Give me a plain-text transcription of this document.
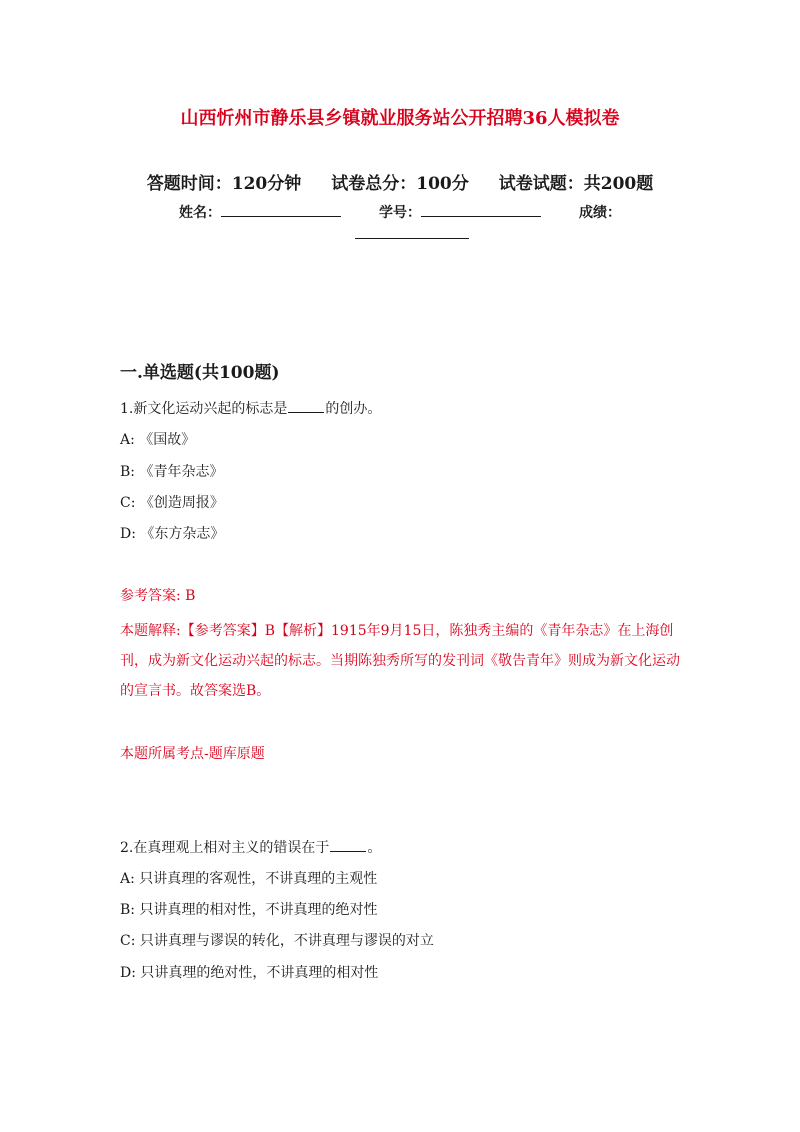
山西忻州市静乐县乡镇就业服务站公开招聘36人模拟卷
答题时间：120分钟 试卷总分：100分 试卷试题：共200题
姓名：	学号：	成绩：
一.单选题(共100题)
1.新文化运动兴起的标志是	的创办。
A: 《国故》
B: 《青年杂志》
C: 《创造周报》
D: 《东方杂志》
参考答案: B
本题解释:【参考答案】B【解析】1915年9月15日，陈独秀主编的《青年杂志》在上海创刊，成为新文化运动兴起的标志。当期陈独秀所写的发刊词《敬告青年》则成为新文化运动的宣言书。故答案选B。
本题所属考点-题库原题
2.在真理观上相对主义的错误在于	。
A: 只讲真理的客观性，不讲真理的主观性
B: 只讲真理的相对性，不讲真理的绝对性
C: 只讲真理与谬误的转化，不讲真理与谬误的对立
D: 只讲真理的绝对性，不讲真理的相对性
